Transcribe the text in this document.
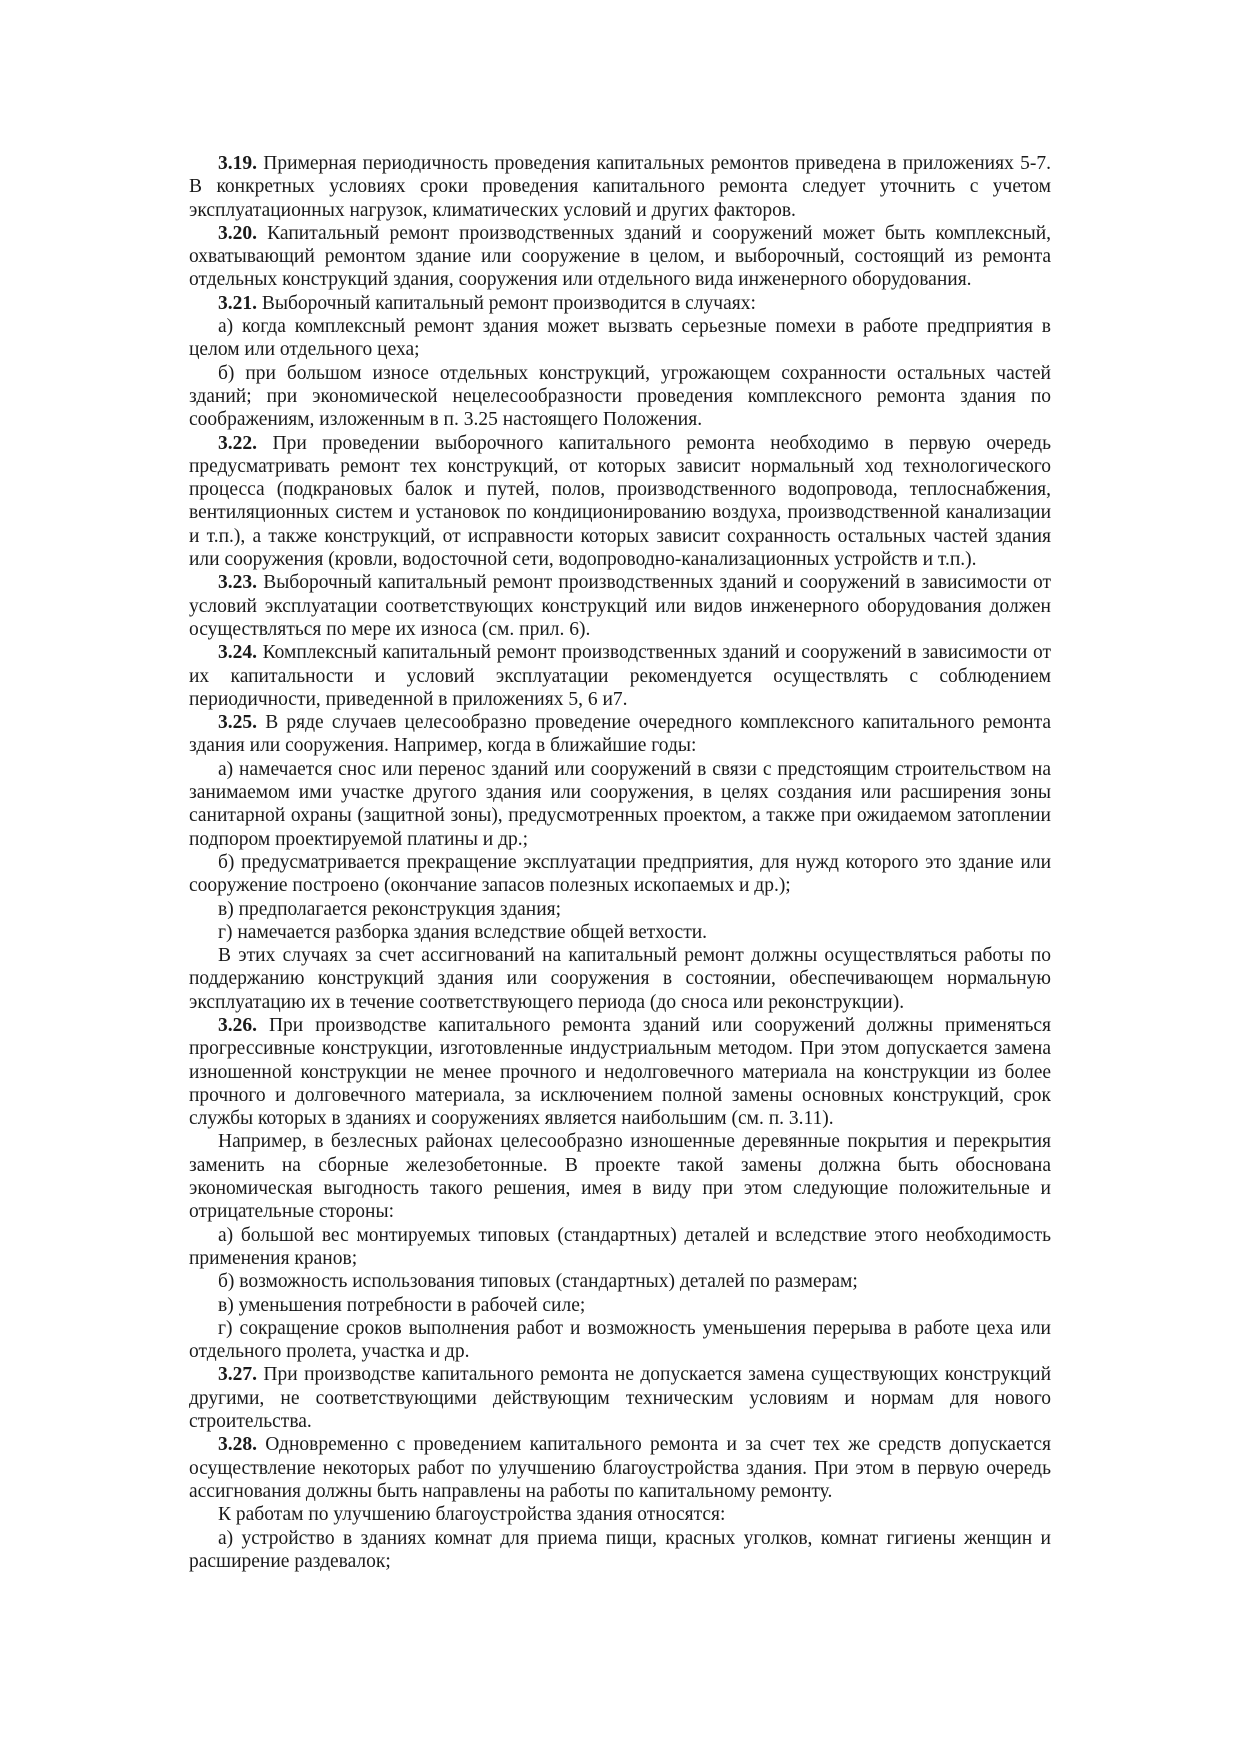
3.19. Примерная периодичность проведения капитальных ремонтов приведена в приложениях 5-7. В конкретных условиях сроки проведения капитального ремонта следует уточнить с учетом эксплуатационных нагрузок, климатических условий и других факторов.

3.20. Капитальный ремонт производственных зданий и сооружений может быть комплексный, охватывающий ремонтом здание или сооружение в целом, и выборочный, состоящий из ремонта отдельных конструкций здания, сооружения или отдельного вида инженерного оборудования.

3.21. Выборочный капитальный ремонт производится в случаях:

а) когда комплексный ремонт здания может вызвать серьезные помехи в работе предприятия в целом или отдельного цеха;

б) при большом износе отдельных конструкций, угрожающем сохранности остальных частей зданий; при экономической нецелесообразности проведения комплексного ремонта здания по соображениям, изложенным в п. 3.25 настоящего Положения.

3.22. При проведении выборочного капитального ремонта необходимо в первую очередь предусматривать ремонт тех конструкций, от которых зависит нормальный ход технологического процесса (подкрановых балок и путей, полов, производственного водопровода, теплоснабжения, вентиляционных систем и установок по кондиционированию воздуха, производственной канализации и т.п.), а также конструкций, от исправности которых зависит сохранность остальных частей здания или сооружения (кровли, водосточной сети, водопроводно-канализационных устройств и т.п.).

3.23. Выборочный капитальный ремонт производственных зданий и сооружений в зависимости от условий эксплуатации соответствующих конструкций или видов инженерного оборудования должен осуществляться по мере их износа (см. прил. 6).

3.24. Комплексный капитальный ремонт производственных зданий и сооружений в зависимости от их капитальности и условий эксплуатации рекомендуется осуществлять с соблюдением периодичности, приведенной в приложениях 5, 6 и7.

3.25. В ряде случаев целесообразно проведение очередного комплексного капитального ремонта здания или сооружения. Например, когда в ближайшие годы:

а) намечается снос или перенос зданий или сооружений в связи с предстоящим строительством на занимаемом ими участке другого здания или сооружения, в целях создания или расширения зоны санитарной охраны (защитной зоны), предусмотренных проектом, а также при ожидаемом затоплении подпором проектируемой платины и др.;

б) предусматривается прекращение эксплуатации предприятия, для нужд которого это здание или сооружение построено (окончание запасов полезных ископаемых и др.);

в) предполагается реконструкция здания;

г) намечается разборка здания вследствие общей ветхости.

В этих случаях за счет ассигнований на капитальный ремонт должны осуществляться работы по поддержанию конструкций здания или сооружения в состоянии, обеспечивающем нормальную эксплуатацию их в течение соответствующего периода (до сноса или реконструкции).

3.26. При производстве капитального ремонта зданий или сооружений должны применяться прогрессивные конструкции, изготовленные индустриальным методом. При этом допускается замена изношенной конструкции не менее прочного и недолговечного материала на конструкции из более прочного и долговечного материала, за исключением полной замены основных конструкций, срок службы которых в зданиях и сооружениях является наибольшим (см. п. 3.11).

Например, в безлесных районах целесообразно изношенные деревянные покрытия и перекрытия заменить на сборные железобетонные. В проекте такой замены должна быть обоснована экономическая выгодность такого решения, имея в виду при этом следующие положительные и отрицательные стороны:

а) большой вес монтируемых типовых (стандартных) деталей и вследствие этого необходимость применения кранов;

б) возможность использования типовых (стандартных) деталей по размерам;

в) уменьшения потребности в рабочей силе;

г) сокращение сроков выполнения работ и возможность уменьшения перерыва в работе цеха или отдельного пролета, участка и др.

3.27. При производстве капитального ремонта не допускается замена существующих конструкций другими, не соответствующими действующим техническим условиям и нормам для нового строительства.

3.28. Одновременно с проведением капитального ремонта и за счет тех же средств допускается осуществление некоторых работ по улучшению благоустройства здания. При этом в первую очередь ассигнования должны быть направлены на работы по капитальному ремонту.

К работам по улучшению благоустройства здания относятся:

а) устройство в зданиях комнат для приема пищи, красных уголков, комнат гигиены женщин и расширение раздевалок;
